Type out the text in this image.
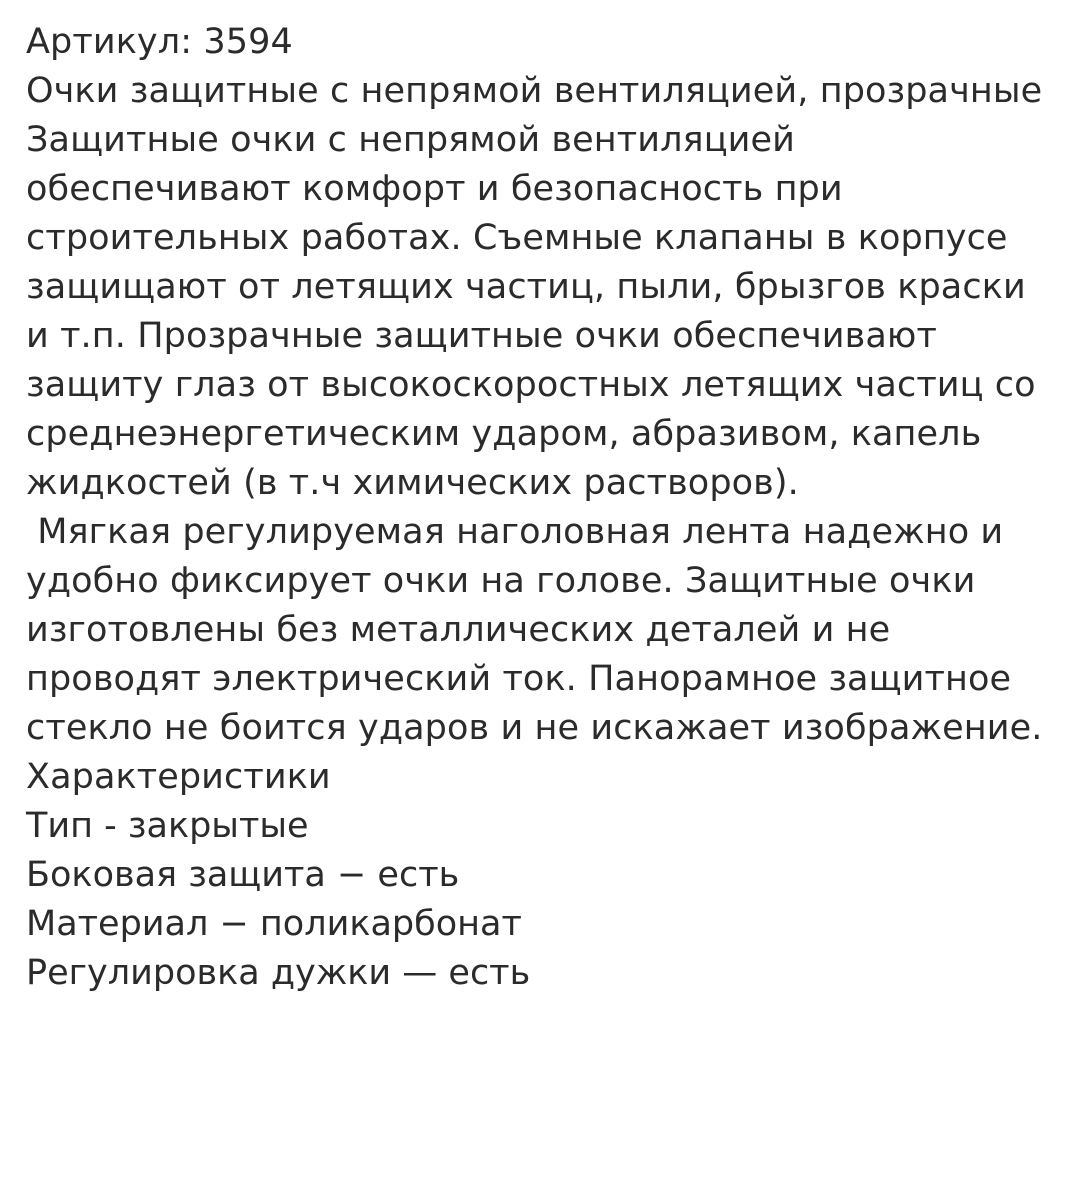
Артикул: 3594
Очки защитные с непрямой вентиляцией, прозрачные
Защитные очки с непрямой вентиляцией обеспечивают комфорт и безопасность при строительных работах. Съемные клапаны в корпусе защищают от летящих частиц, пыли, брызгов краски и т.п. Прозрачные защитные очки обеспечивают защиту глаз от высокоскоростных летящих частиц со среднеэнергетическим ударом, абразивом, капель жидкостей (в т.ч химических растворов).
Мягкая регулируемая наголовная лента надежно и удобно фиксирует очки на голове. Защитные очки изготовлены без металлических деталей и не проводят электрический ток. Панорамное защитное стекло не боится ударов и не искажает изображение.
Характеристики
Тип - закрытые
Боковая защита − есть
Материал − поликарбонат
Регулировка дужки — есть
